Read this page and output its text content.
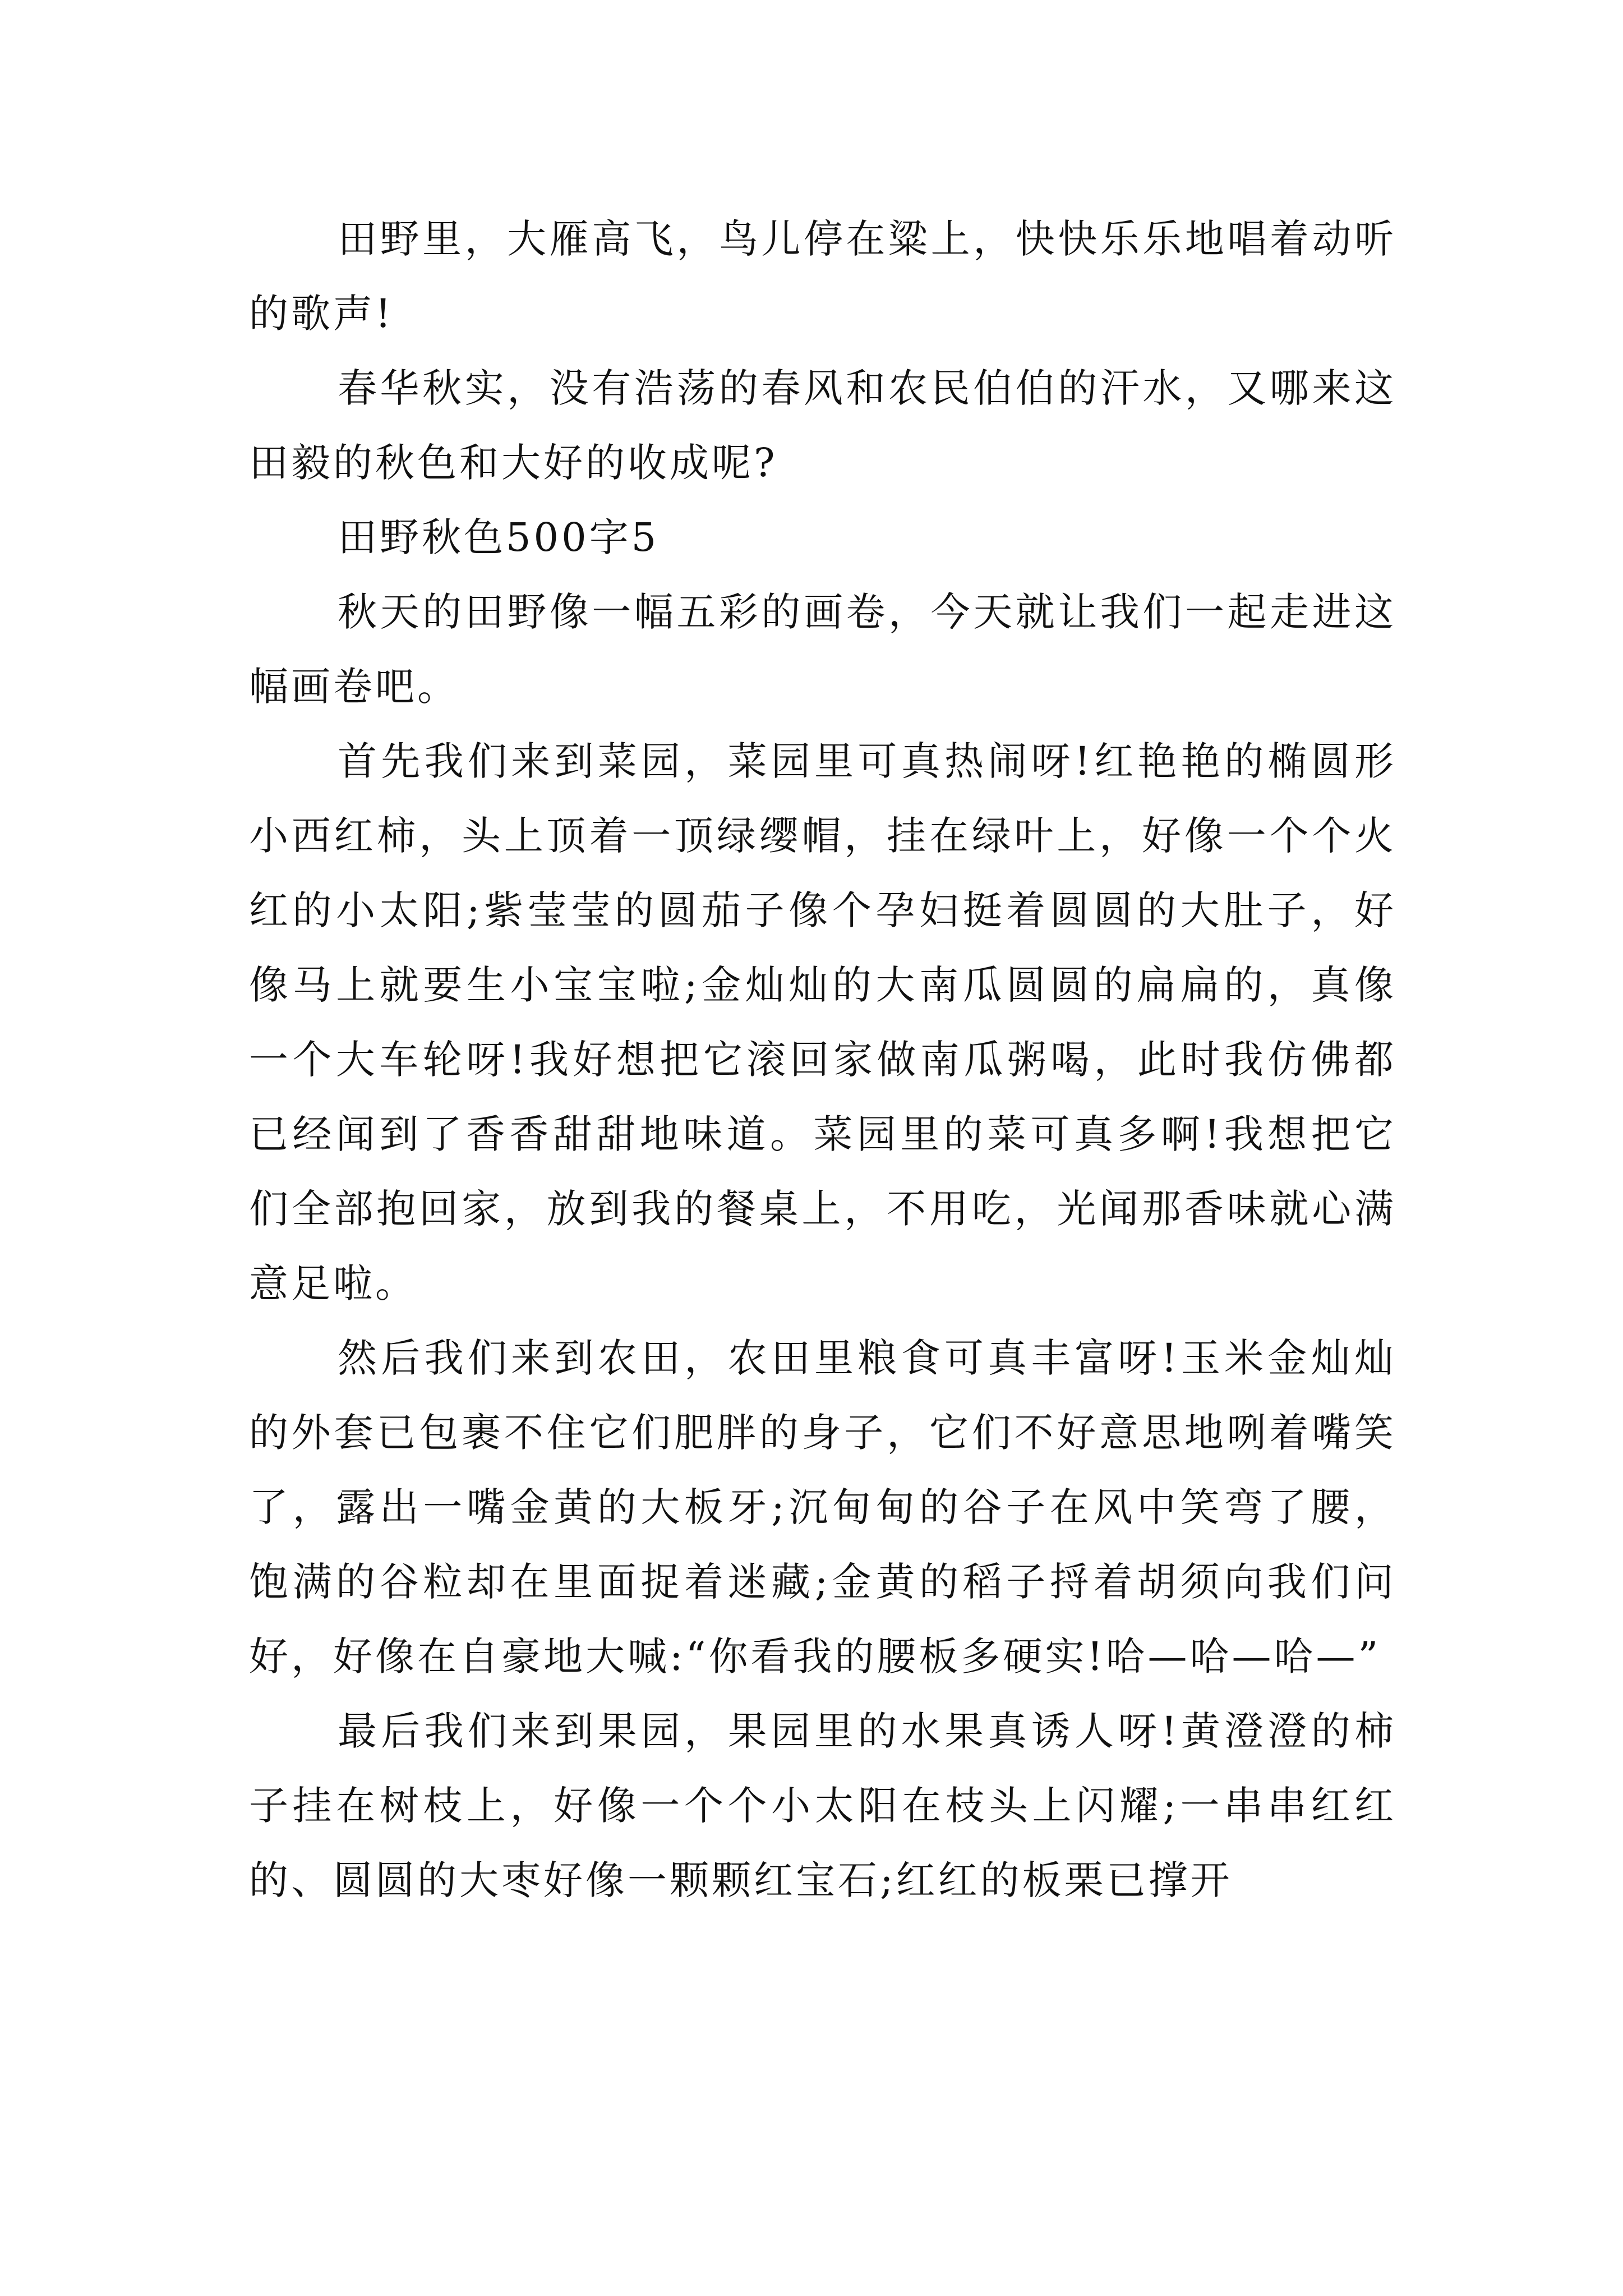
田野里，大雁高飞，鸟儿停在粱上，快快乐乐地唱着动听的歌声!

春华秋实，没有浩荡的春风和农民伯伯的汗水，又哪来这田毅的秋色和大好的收成呢?

田野秋色500字5

秋天的田野像一幅五彩的画卷，今天就让我们一起走进这幅画卷吧。

首先我们来到菜园，菜园里可真热闹呀!红艳艳的椭圆形小西红柿，头上顶着一顶绿缨帽，挂在绿叶上，好像一个个火红的小太阳;紫莹莹的圆茄子像个孕妇挺着圆圆的大肚子，好像马上就要生小宝宝啦;金灿灿的大南瓜圆圆的扁扁的，真像一个大车轮呀!我好想把它滚回家做南瓜粥喝，此时我仿佛都已经闻到了香香甜甜地味道。菜园里的菜可真多啊!我想把它们全部抱回家，放到我的餐桌上，不用吃，光闻那香味就心满意足啦。

然后我们来到农田，农田里粮食可真丰富呀!玉米金灿灿的外套已包裹不住它们肥胖的身子，它们不好意思地咧着嘴笑了，露出一嘴金黄的大板牙;沉甸甸的谷子在风中笑弯了腰，饱满的谷粒却在里面捉着迷藏;金黄的稻子捋着胡须向我们问好，好像在自豪地大喊:“你看我的腰板多硬实!哈—哈—哈—”

最后我们来到果园，果园里的水果真诱人呀!黄澄澄的柿子挂在树枝上，好像一个个小太阳在枝头上闪耀;一串串红红的、圆圆的大枣好像一颗颗红宝石;红红的板栗已撑开
